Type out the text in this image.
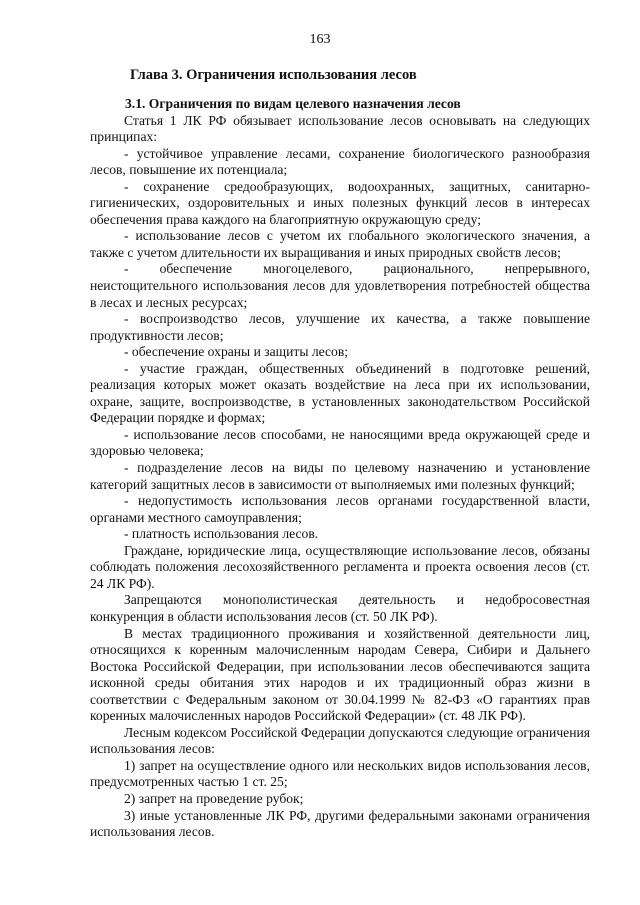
163
Глава 3. Ограничения использования лесов

3.1. Ограничения по видам целевого назначения лесов

Статья 1 ЛК РФ обязывает использование лесов основывать на следующих принципах:

- устойчивое управление лесами, сохранение биологического разнообразия лесов, повышение их потенциала;

- сохранение средообразующих, водоохранных, защитных, санитарно-гигиенических, оздоровительных и иных полезных функций лесов в интересах обеспечения права каждого на благоприятную окружающую среду;

- использование лесов с учетом их глобального экологического значения, а также с учетом длительности их выращивания и иных природных свойств лесов;

- обеспечение многоцелевого, рационального, непрерывного, неистощительного использования лесов для удовлетворения потребностей общества в лесах и лесных ресурсах;

- воспроизводство лесов, улучшение их качества, а также повышение продуктивности лесов;

- обеспечение охраны и защиты лесов;

- участие граждан, общественных объединений в подготовке решений, реализация которых может оказать воздействие на леса при их использовании, охране, защите, воспроизводстве, в установленных законодательством Российской Федерации порядке и формах;

- использование лесов способами, не наносящими вреда окружающей среде и здоровью человека;

- подразделение лесов на виды по целевому назначению и установление категорий защитных лесов в зависимости от выполняемых ими полезных функций;

- недопустимость использования лесов органами государственной власти, органами местного самоуправления;

- платность использования лесов.

Граждане, юридические лица, осуществляющие использование лесов, обязаны соблюдать положения лесохозяйственного регламента и проекта освоения лесов (ст. 24 ЛК РФ).

Запрещаются монополистическая деятельность и недобросовестная конкуренция в области использования лесов (ст. 50 ЛК РФ).

В местах традиционного проживания и хозяйственной деятельности лиц, относящихся к коренным малочисленным народам Севера, Сибири и Дальнего Востока Российской Федерации, при использовании лесов обеспечиваются защита исконной среды обитания этих народов и их традиционный образ жизни в соответствии с Федеральным законом от 30.04.1999 № 82-ФЗ «О гарантиях прав коренных малочисленных народов Российской Федерации» (ст. 48 ЛК РФ).

Лесным кодексом Российской Федерации допускаются следующие ограничения использования лесов:

1) запрет на осуществление одного или нескольких видов использования лесов, предусмотренных частью 1 ст. 25;

2) запрет на проведение рубок;

3) иные установленные ЛК РФ, другими федеральными законами ограничения использования лесов.
